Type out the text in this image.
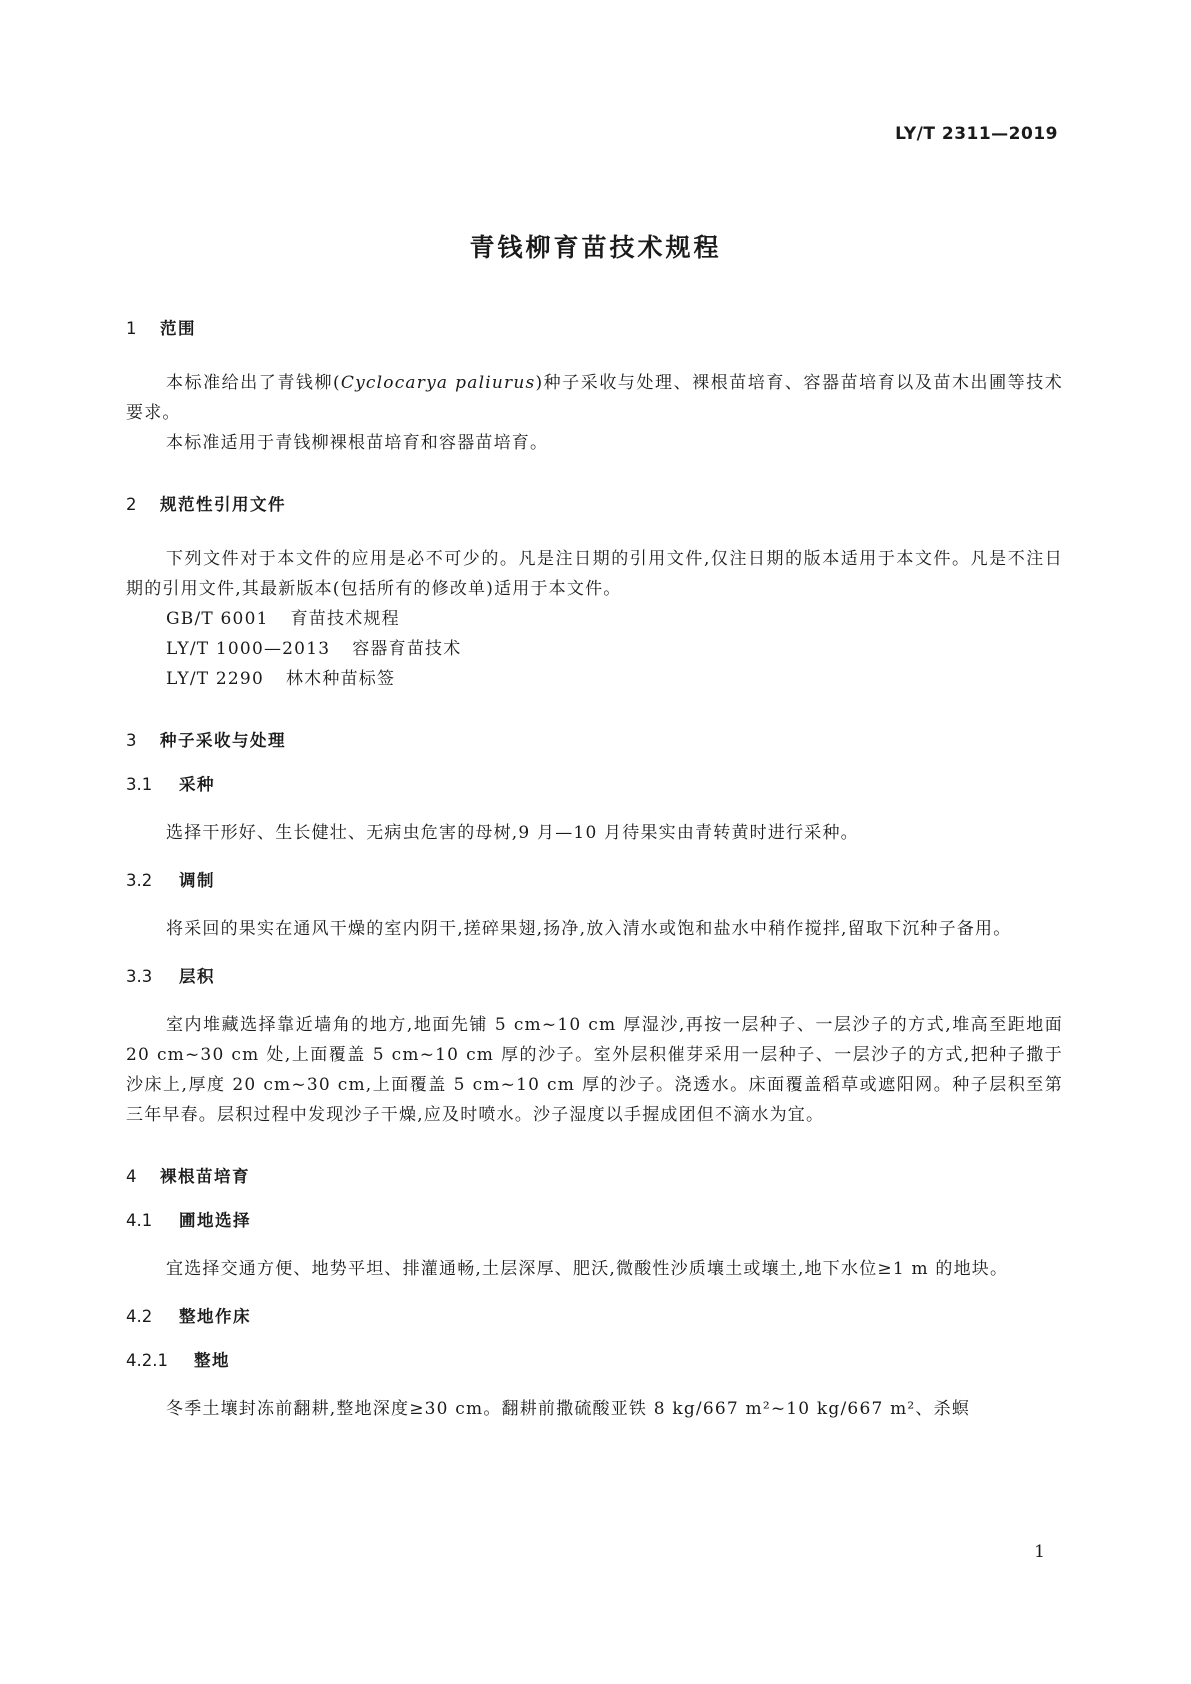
LY/T 2311—2019
青钱柳育苗技术规程
1	范围
本标准给出了青钱柳(Cyclocarya paliurus)种子采收与处理、裸根苗培育、容器苗培育以及苗木出圃等技术要求。
本标准适用于青钱柳裸根苗培育和容器苗培育。
2	规范性引用文件
下列文件对于本文件的应用是必不可少的。凡是注日期的引用文件,仅注日期的版本适用于本文件。凡是不注日期的引用文件,其最新版本(包括所有的修改单)适用于本文件。
GB/T 6001 育苗技术规程
LY/T 1000—2013 容器育苗技术
LY/T 2290 林木种苗标签
3	种子采收与处理
3.1	采种
选择干形好、生长健壮、无病虫危害的母树,9 月—10 月待果实由青转黄时进行采种。
3.2	调制
将采回的果实在通风干燥的室内阴干,搓碎果翅,扬净,放入清水或饱和盐水中稍作搅拌,留取下沉种子备用。
3.3	层积
室内堆藏选择靠近墙角的地方,地面先铺 5 cm~10 cm 厚湿沙,再按一层种子、一层沙子的方式,堆高至距地面 20 cm~30 cm 处,上面覆盖 5 cm~10 cm 厚的沙子。室外层积催芽采用一层种子、一层沙子的方式,把种子撒于沙床上,厚度 20 cm~30 cm,上面覆盖 5 cm~10 cm 厚的沙子。浇透水。床面覆盖稻草或遮阳网。种子层积至第三年早春。层积过程中发现沙子干燥,应及时喷水。沙子湿度以手握成团但不滴水为宜。
4	裸根苗培育
4.1	圃地选择
宜选择交通方便、地势平坦、排灌通畅,土层深厚、肥沃,微酸性沙质壤土或壤土,地下水位≥1 m 的地块。
4.2	整地作床
4.2.1	整地
冬季土壤封冻前翻耕,整地深度≥30 cm。翻耕前撒硫酸亚铁 8 kg/667 m²~10 kg/667 m²、杀螟
1
